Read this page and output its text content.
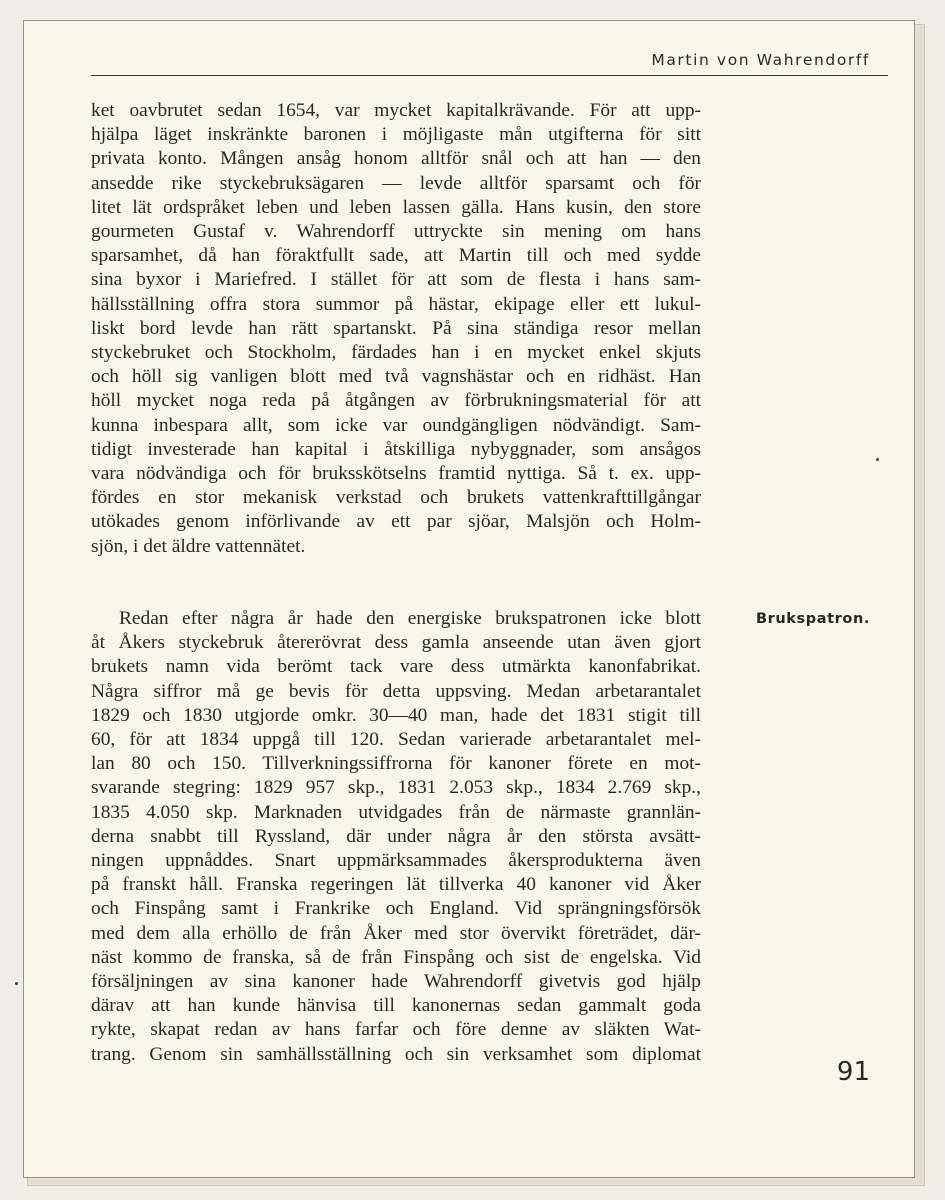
Martin von Wahrendorff
ket oavbrutet sedan 1654, var mycket kapitalkrävande. För att upp-
hjälpa läget inskränkte baronen i möjligaste mån utgifterna för sitt
privata konto. Mången ansåg honom alltför snål och att han — den
ansedde rike styckebruksägaren — levde alltför sparsamt och för
litet lät ordspråket leben und leben lassen gälla. Hans kusin, den store
gourmeten Gustaf v. Wahrendorff uttryckte sin mening om hans
sparsamhet, då han föraktfullt sade, att Martin till och med sydde
sina byxor i Mariefred. I stället för att som de flesta i hans sam-
hällsställning offra stora summor på hästar, ekipage eller ett lukul-
liskt bord levde han rätt spartanskt. På sina ständiga resor mellan
styckebruket och Stockholm, färdades han i en mycket enkel skjuts
och höll sig vanligen blott med två vagnshästar och en ridhäst. Han
höll mycket noga reda på åtgången av förbrukningsmaterial för att
kunna inbespara allt, som icke var oundgängligen nödvändigt. Sam-
tidigt investerade han kapital i åtskilliga nybyggnader, som ansågos
vara nödvändiga och för bruksskötselns framtid nyttiga. Så t. ex. upp-
fördes en stor mekanisk verkstad och brukets vattenkrafttillgångar
utökades genom införlivande av ett par sjöar, Malsjön och Holm-
sjön, i det äldre vattennätet.
Redan efter några år hade den energiske brukspatronen icke blott
åt Åkers styckebruk återerövrat dess gamla anseende utan även gjort
brukets namn vida berömt tack vare dess utmärkta kanonfabrikat.
Några siffror må ge bevis för detta uppsving. Medan arbetarantalet
1829 och 1830 utgjorde omkr. 30—40 man, hade det 1831 stigit till
60, för att 1834 uppgå till 120. Sedan varierade arbetarantalet mel-
lan 80 och 150. Tillverkningssiffrorna för kanoner förete en mot-
svarande stegring: 1829 957 skp., 1831 2.053 skp., 1834 2.769 skp.,
1835 4.050 skp. Marknaden utvidgades från de närmaste grannlän-
derna snabbt till Ryssland, där under några år den största avsätt-
ningen uppnåddes. Snart uppmärksammades åkersprodukterna även
på franskt håll. Franska regeringen lät tillverka 40 kanoner vid Åker
och Finspång samt i Frankrike och England. Vid sprängningsförsök
med dem alla erhöllo de från Åker med stor övervikt företrädet, där-
näst kommo de franska, så de från Finspång och sist de engelska. Vid
försäljningen av sina kanoner hade Wahrendorff givetvis god hjälp
därav att han kunde hänvisa till kanonernas sedan gammalt goda
rykte, skapat redan av hans farfar och före denne av släkten Wat-
trang. Genom sin samhällsställning och sin verksamhet som diplomat
Brukspatron.
91
